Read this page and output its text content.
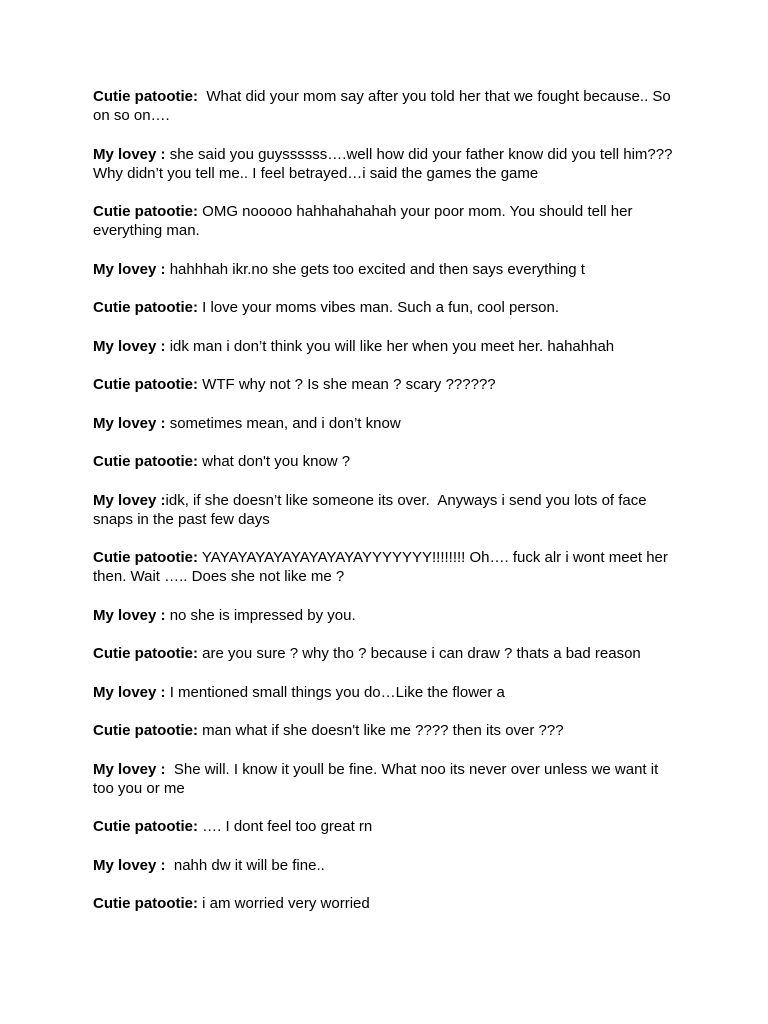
Cutie patootie:  What did your mom say after you told her that we fought because.. So on so on….

My lovey : she said you guyssssss….well how did your father know did you tell him??? Why didn’t you tell me.. I feel betrayed…i said the games the game

Cutie patootie: OMG nooooo hahhahahahah your poor mom. You should tell her everything man.

My lovey : hahhhah ikr.no she gets too excited and then says everything t

Cutie patootie: I love your moms vibes man. Such a fun, cool person.

My lovey : idk man i don’t think you will like her when you meet her. hahahhah

Cutie patootie: WTF why not ? Is she mean ? scary ??????

My lovey : sometimes mean, and i don’t know

Cutie patootie: what don't you know ?

My lovey :idk, if she doesn’t like someone its over.  Anyways i send you lots of face snaps in the past few days

Cutie patootie: YAYAYAYAYAYAYAYAYAYYYYYYY!!!!!!!! Oh…. fuck alr i wont meet her then. Wait ….. Does she not like me ?

My lovey : no she is impressed by you.

Cutie patootie: are you sure ? why tho ? because i can draw ? thats a bad reason

My lovey : I mentioned small things you do…Like the flower a

Cutie patootie: man what if she doesn't like me ???? then its over ???

My lovey :  She will. I know it youll be fine. What noo its never over unless we want it too you or me

Cutie patootie: …. I dont feel too great rn

My lovey :  nahh dw it will be fine..

Cutie patootie: i am worried very worried
